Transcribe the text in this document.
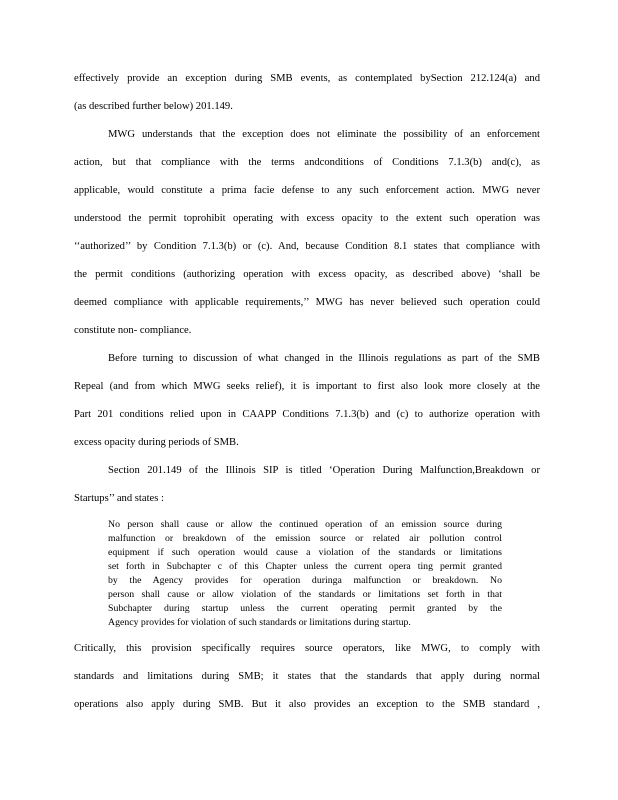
effectively provide an exception during SMB events, as contemplated bySection 212.124(a) and
(as described further below) 201.149.
MWG understands that the exception does not eliminate the possibility of an enforcement
action, but that compliance with the terms andconditions of Conditions 7.1.3(b) and(c), as
applicable, would constitute a prima facie defense to any such enforcement action. MWG never
understood the permit toprohibit operating with excess opacity to the extent such operation was
‘‘authorized’’ by Condition 7.1.3(b) or (c). And, because Condition 8.1 states that compliance with
the permit conditions (authorizing operation with excess opacity, as described above) ‘shall be
deemed compliance with applicable requirements,’’ MWG has never believed such operation could
constitute non- compliance.
Before turning to discussion of what changed in the Illinois regulations as part of the SMB
Repeal (and from which MWG seeks relief), it is important to first also look more closely at the
Part 201 conditions relied upon in CAAPP Conditions 7.1.3(b) and (c) to authorize operation with
excess opacity during periods of SMB.
Section 201.149 of the Illinois SIP is titled ‘Operation During Malfunction,Breakdown or
Startups’’ and states :
No person shall cause or allow the continued operation of an emission source during
malfunction or breakdown of the emission source or related air pollution control
equipment if such operation would cause a violation of the standards or limitations
set forth in Subchapter c of this Chapter unless the current opera ting permit granted
by the Agency provides for operation duringa malfunction or breakdown. No
person shall cause or allow violation of the standards or limitations set forth in that
Subchapter during startup unless the current operating permit granted by the
Agency provides for violation of such standards or limitations during startup.
Critically, this provision specifically requires source operators, like MWG, to comply with
standards and limitations during SMB; it states that the standards that apply during normal
operations also apply during SMB. But it also provides an exception to the SMB standard ,
